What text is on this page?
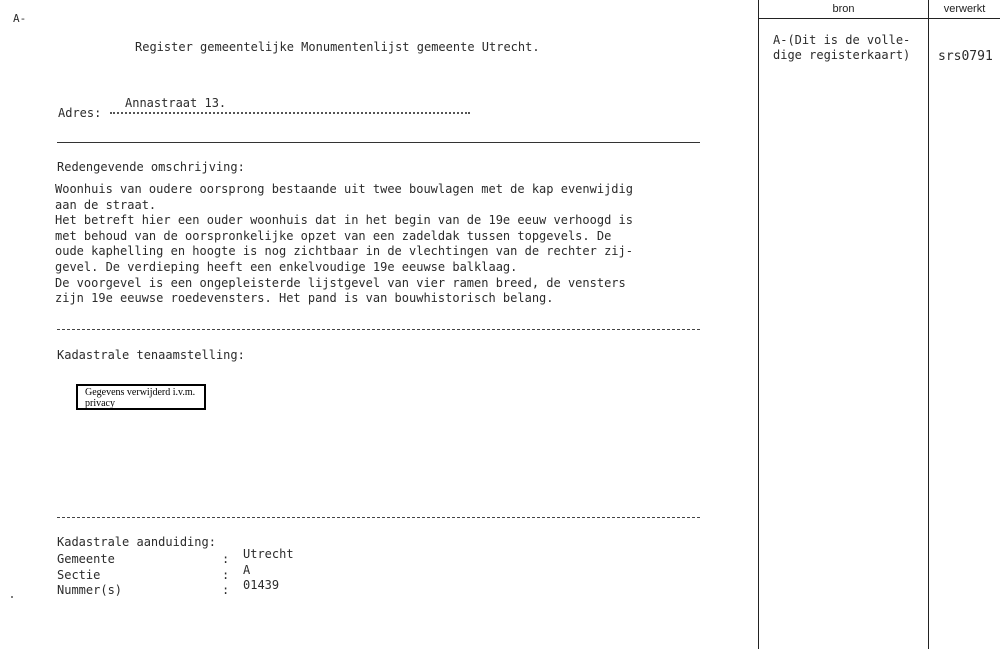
A-
Register gemeentelijke Monumentenlijst gemeente Utrecht.
Annastraat 13.
Adres:
Redengevende omschrijving:
Woonhuis van oudere oorsprong bestaande uit twee bouwlagen met de kap evenwijdig
aan de straat.
Het betreft hier een ouder woonhuis dat in het begin van de 19e eeuw verhoogd is
met behoud van de oorspronkelijke opzet van een zadeldak tussen topgevels. De
oude kaphelling en hoogte is nog zichtbaar in de vlechtingen van de rechter zij-
gevel. De verdieping heeft een enkelvoudige 19e eeuwse balklaag.
De voorgevel is een ongepleisterde lijstgevel van vier ramen breed, de vensters
zijn 19e eeuwse roedevensters. Het pand is van bouwhistorisch belang.
Kadastrale tenaamstelling:
Gegevens verwijderd i.v.m. privacy
Kadastrale aanduiding:
Gemeente	: Utrecht
Sectie	: A
Nummer(s)	: 01439
bron	verwerkt
A-(Dit is de volle-
dige registerkaart) srs0791
